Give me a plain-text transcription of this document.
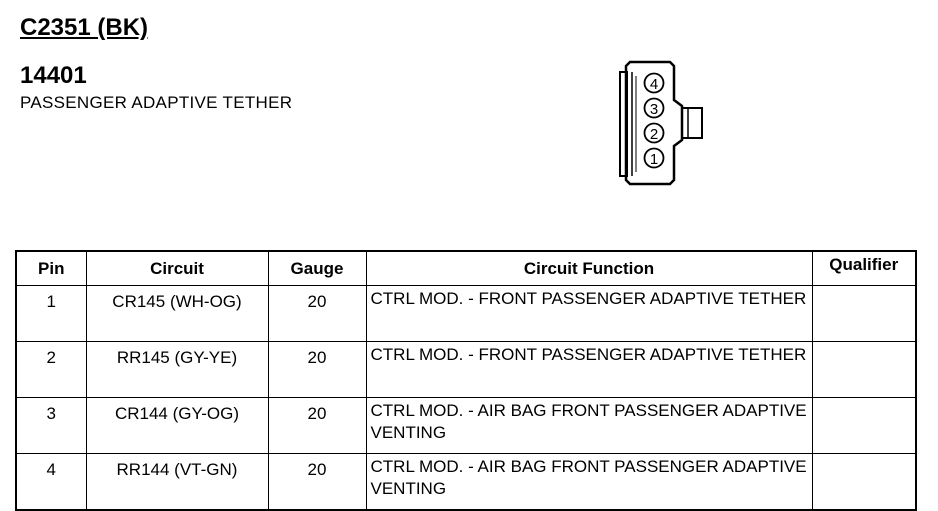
C2351 (BK)
14401
PASSENGER ADAPTIVE TETHER
4
3
2
1
Pin	Circuit	Gauge	Circuit Function	Qualifier
1	CR145 (WH-OG)	20	CTRL MOD. - FRONT PASSENGER ADAPTIVE TETHER	
2	RR145 (GY-YE)	20	CTRL MOD. - FRONT PASSENGER ADAPTIVE TETHER	
3	CR144 (GY-OG)	20	CTRL MOD. - AIR BAG FRONT PASSENGER ADAPTIVE VENTING	
4	RR144 (VT-GN)	20	CTRL MOD. - AIR BAG FRONT PASSENGER ADAPTIVE VENTING	
